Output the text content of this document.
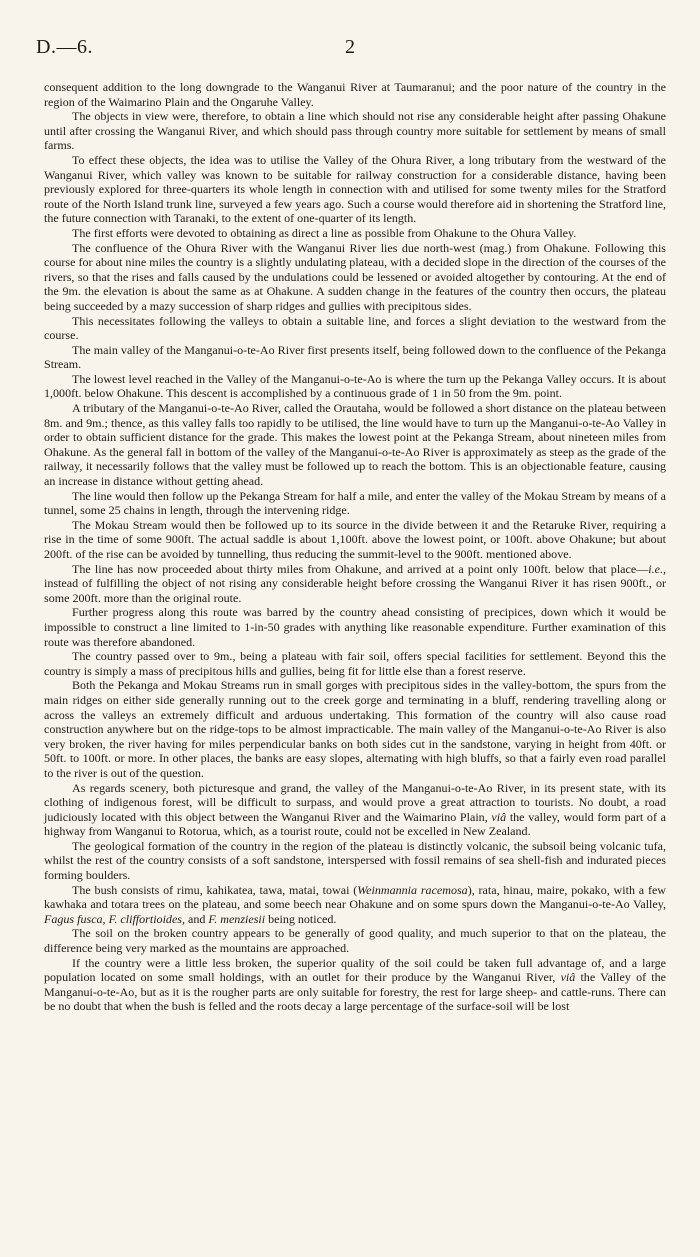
D.—6.	2

consequent addition to the long downgrade to the Wanganui River at Taumaranui; and the poor nature of the country in the region of the Waimarino Plain and the Ongaruhe Valley.

The objects in view were, therefore, to obtain a line which should not rise any considerable height after passing Ohakune until after crossing the Wanganui River, and which should pass through country more suitable for settlement by means of small farms.

To effect these objects, the idea was to utilise the Valley of the Ohura River, a long tributary from the westward of the Wanganui River, which valley was known to be suitable for railway construction for a considerable distance, having been previously explored for three-quarters its whole length in connection with and utilised for some twenty miles for the Stratford route of the North Island trunk line, surveyed a few years ago. Such a course would therefore aid in shortening the Stratford line, the future connection with Taranaki, to the extent of one-quarter of its length.

The first efforts were devoted to obtaining as direct a line as possible from Ohakune to the Ohura Valley.

The confluence of the Ohura River with the Wanganui River lies due north-west (mag.) from Ohakune. Following this course for about nine miles the country is a slightly undulating plateau, with a decided slope in the direction of the courses of the rivers, so that the rises and falls caused by the undulations could be lessened or avoided altogether by contouring. At the end of the 9m. the elevation is about the same as at Ohakune. A sudden change in the features of the country then occurs, the plateau being succeeded by a mazy succession of sharp ridges and gullies with precipitous sides.

This necessitates following the valleys to obtain a suitable line, and forces a slight deviation to the westward from the course.

The main valley of the Manganui-o-te-Ao River first presents itself, being followed down to the confluence of the Pekanga Stream.

The lowest level reached in the Valley of the Manganui-o-te-Ao is where the turn up the Pekanga Valley occurs. It is about 1,000ft. below Ohakune. This descent is accomplished by a continuous grade of 1 in 50 from the 9m. point.

A tributary of the Manganui-o-te-Ao River, called the Orautaha, would be followed a short distance on the plateau between 8m. and 9m.; thence, as this valley falls too rapidly to be utilised, the line would have to turn up the Manganui-o-te-Ao Valley in order to obtain sufficient distance for the grade. This makes the lowest point at the Pekanga Stream, about nineteen miles from Ohakune. As the general fall in bottom of the valley of the Manganui-o-te-Ao River is approximately as steep as the grade of the railway, it necessarily follows that the valley must be followed up to reach the bottom. This is an objectionable feature, causing an increase in distance without getting ahead.

The line would then follow up the Pekanga Stream for half a mile, and enter the valley of the Mokau Stream by means of a tunnel, some 25 chains in length, through the intervening ridge.

The Mokau Stream would then be followed up to its source in the divide between it and the Retaruke River, requiring a rise in the time of some 900ft. The actual saddle is about 1,100ft. above the lowest point, or 100ft. above Ohakune; but about 200ft. of the rise can be avoided by tunnelling, thus reducing the summit-level to the 900ft. mentioned above.

The line has now proceeded about thirty miles from Ohakune, and arrived at a point only 100ft. below that place—i.e., instead of fulfilling the object of not rising any considerable height before crossing the Wanganui River it has risen 900ft., or some 200ft. more than the original route.

Further progress along this route was barred by the country ahead consisting of precipices, down which it would be impossible to construct a line limited to 1-in-50 grades with anything like reasonable expenditure. Further examination of this route was therefore abandoned.

The country passed over to 9m., being a plateau with fair soil, offers special facilities for settlement. Beyond this the country is simply a mass of precipitous hills and gullies, being fit for little else than a forest reserve.

Both the Pekanga and Mokau Streams run in small gorges with precipitous sides in the valley-bottom, the spurs from the main ridges on either side generally running out to the creek gorge and terminating in a bluff, rendering travelling along or across the valleys an extremely difficult and arduous undertaking. This formation of the country will also cause road construction anywhere but on the ridge-tops to be almost impracticable. The main valley of the Manganui-o-te-Ao River is also very broken, the river having for miles perpendicular banks on both sides cut in the sandstone, varying in height from 40ft. or 50ft. to 100ft. or more. In other places, the banks are easy slopes, alternating with high bluffs, so that a fairly even road parallel to the river is out of the question.

As regards scenery, both picturesque and grand, the valley of the Manganui-o-te-Ao River, in its present state, with its clothing of indigenous forest, will be difficult to surpass, and would prove a great attraction to tourists. No doubt, a road judiciously located with this object between the Wanganui River and the Waimarino Plain, viâ the valley, would form part of a highway from Wanganui to Rotorua, which, as a tourist route, could not be excelled in New Zealand.

The geological formation of the country in the region of the plateau is distinctly volcanic, the subsoil being volcanic tufa, whilst the rest of the country consists of a soft sandstone, interspersed with fossil remains of sea shell-fish and indurated pieces forming boulders.

The bush consists of rimu, kahikatea, tawa, matai, towai (Weinmannia racemosa), rata, hinau, maire, pokako, with a few kawhaka and totara trees on the plateau, and some beech near Ohakune and on some spurs down the Manganui-o-te-Ao Valley, Fagus fusca, F. cliffortioides, and F. menziesii being noticed.

The soil on the broken country appears to be generally of good quality, and much superior to that on the plateau, the difference being very marked as the mountains are approached.

If the country were a little less broken, the superior quality of the soil could be taken full advantage of, and a large population located on some small holdings, with an outlet for their produce by the Wanganui River, viâ the Valley of the Manganui-o-te-Ao, but as it is the rougher parts are only suitable for forestry, the rest for large sheep- and cattle-runs. There can be no doubt that when the bush is felled and the roots decay a large percentage of the surface-soil will be lost
